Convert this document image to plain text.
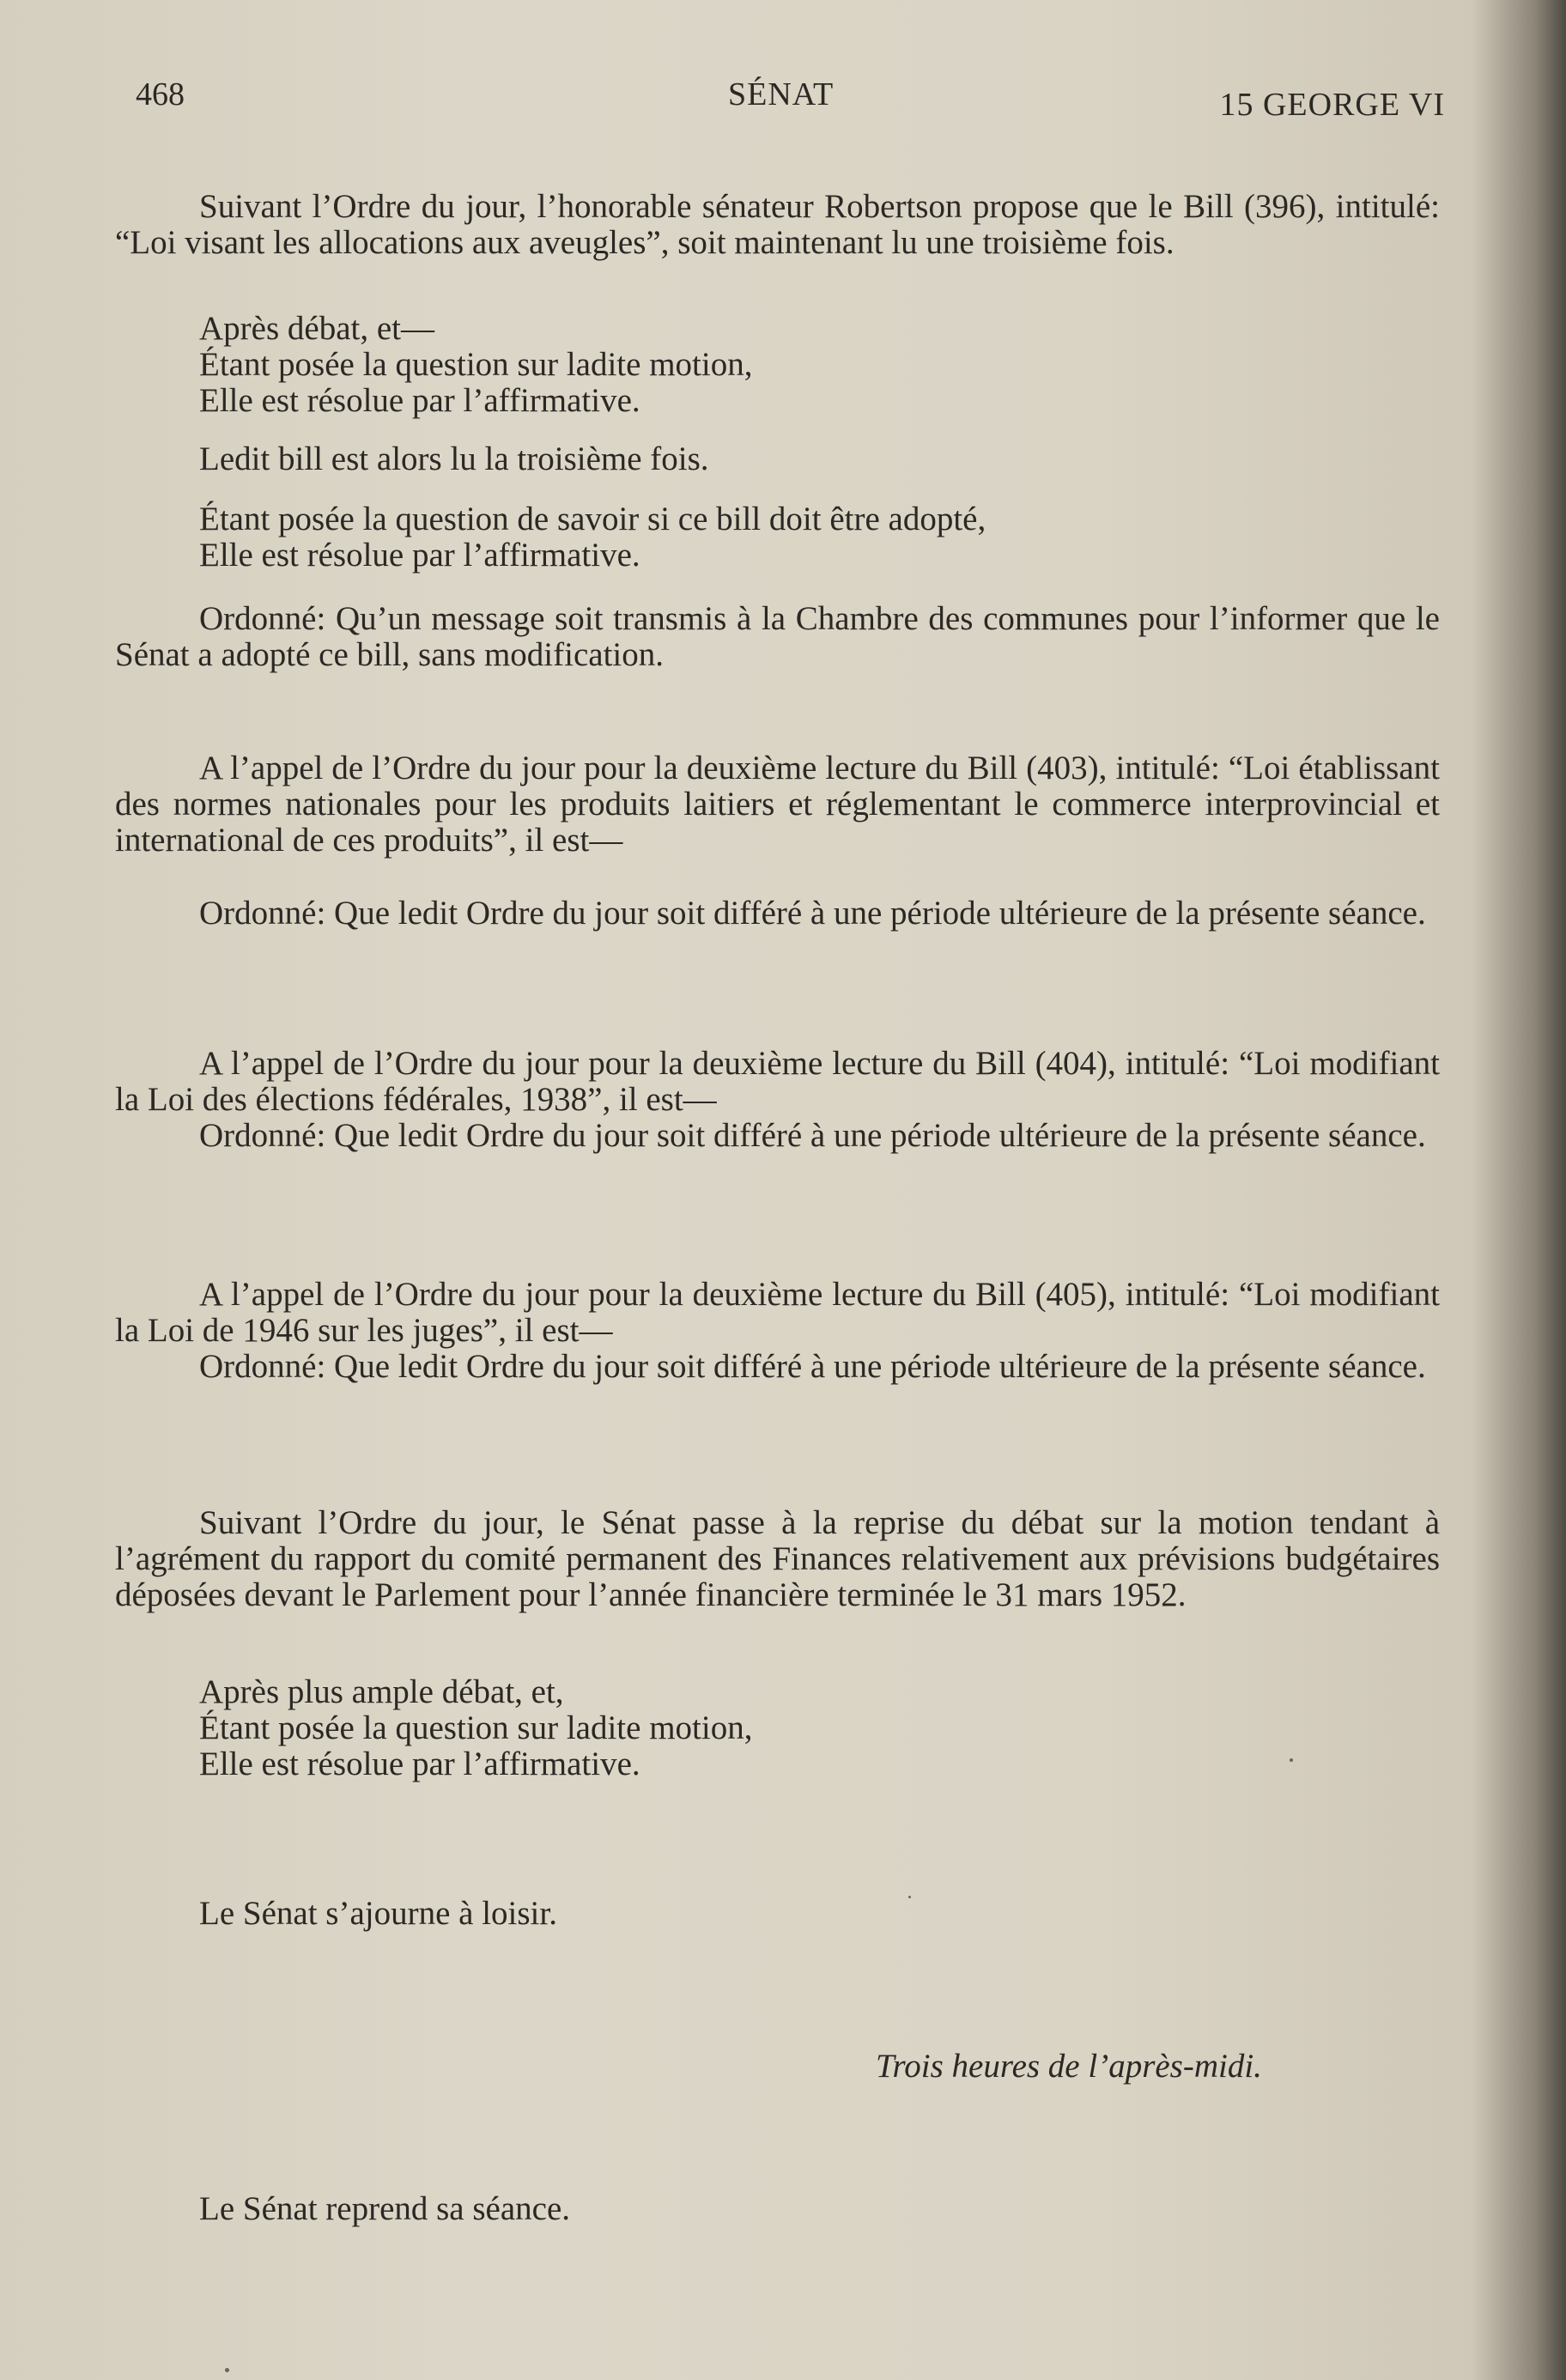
468	SÉNAT	15 GEORGE VI

Suivant l’Ordre du jour, l’honorable sénateur Robertson propose que le Bill (396), intitulé: “Loi visant les allocations aux aveugles”, soit maintenant lu une troisième fois.

Après débat, et—
Étant posée la question sur ladite motion,
Elle est résolue par l’affirmative.

Ledit bill est alors lu la troisième fois.

Étant posée la question de savoir si ce bill doit être adopté,
Elle est résolue par l’affirmative.

Ordonné: Qu’un message soit transmis à la Chambre des communes pour l’informer que le Sénat a adopté ce bill, sans modification.

A l’appel de l’Ordre du jour pour la deuxième lecture du Bill (403), intitulé: “Loi établissant des normes nationales pour les produits laitiers et réglementant le commerce interprovincial et international de ces produits”, il est—

Ordonné: Que ledit Ordre du jour soit différé à une période ultérieure de la présente séance.

A l’appel de l’Ordre du jour pour la deuxième lecture du Bill (404), intitulé: “Loi modifiant la Loi des élections fédérales, 1938”, il est—

Ordonné: Que ledit Ordre du jour soit différé à une période ultérieure de la présente séance.

A l’appel de l’Ordre du jour pour la deuxième lecture du Bill (405), intitulé: “Loi modifiant la Loi de 1946 sur les juges”, il est—

Ordonné: Que ledit Ordre du jour soit différé à une période ultérieure de la présente séance.

Suivant l’Ordre du jour, le Sénat passe à la reprise du débat sur la motion tendant à l’agrément du rapport du comité permanent des Finances relativement aux prévisions budgétaires déposées devant le Parlement pour l’année financière terminée le 31 mars 1952.

Après plus ample débat, et,
Étant posée la question sur ladite motion,
Elle est résolue par l’affirmative.

Le Sénat s’ajourne à loisir.

Trois heures de l’après-midi.

Le Sénat reprend sa séance.
